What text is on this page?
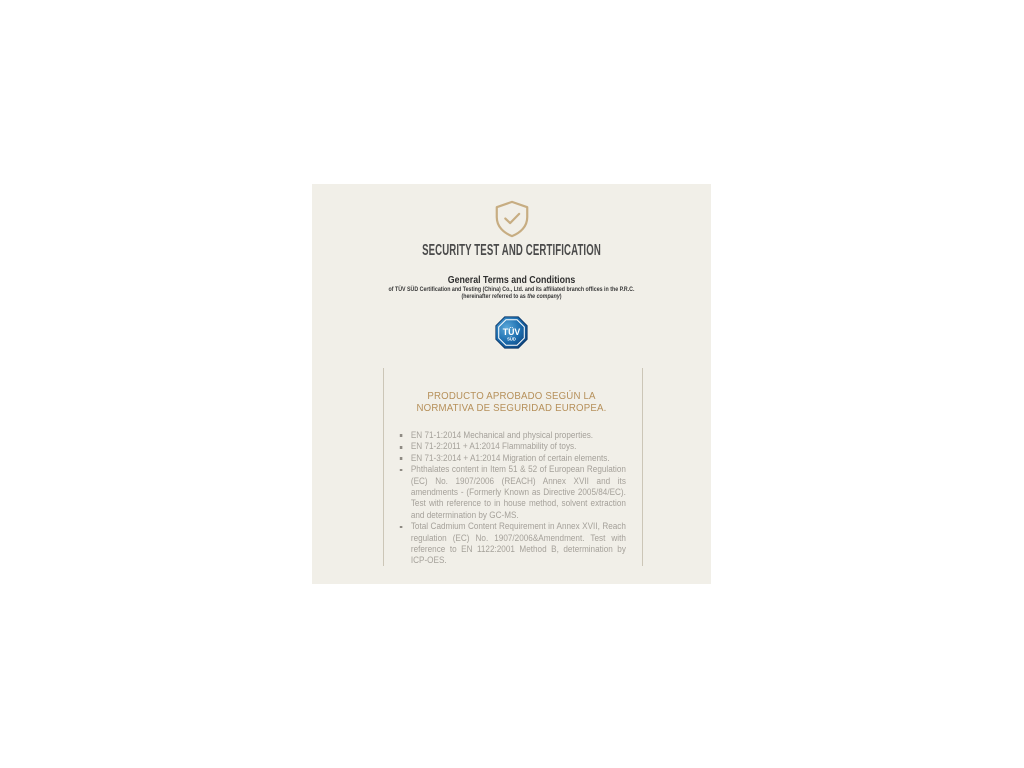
SECURITY TEST AND CERTIFICATION
General Terms and Conditions
of TÜV SÜD Certification and Testing (China) Co., Ltd. and its affiliated branch offices in the P.R.C.
(hereinafter referred to as the company)
TÜV
SÜD
PRODUCTO APROBADO SEGÚN LA
NORMATIVA DE SEGURIDAD EUROPEA.
EN 71-1:2014 Mechanical and physical properties.
EN 71-2:2011 + A1:2014 Flammability of toys.
EN 71-3:2014 + A1:2014 Migration of certain elements.
Phthalates content in Item 51 & 52 of European Regulation (EC) No. 1907/2006 (REACH) Annex XVII and its amendments - (Formerly Known as Directive 2005/84/EC). Test with reference to in house method, solvent extraction and determination by GC-MS.
Total Cadmium Content Requirement in Annex XVII, Reach regulation (EC) No. 1907/2006&Amendment. Test with reference to EN 1122:2001 Method B, determination by ICP-OES.
